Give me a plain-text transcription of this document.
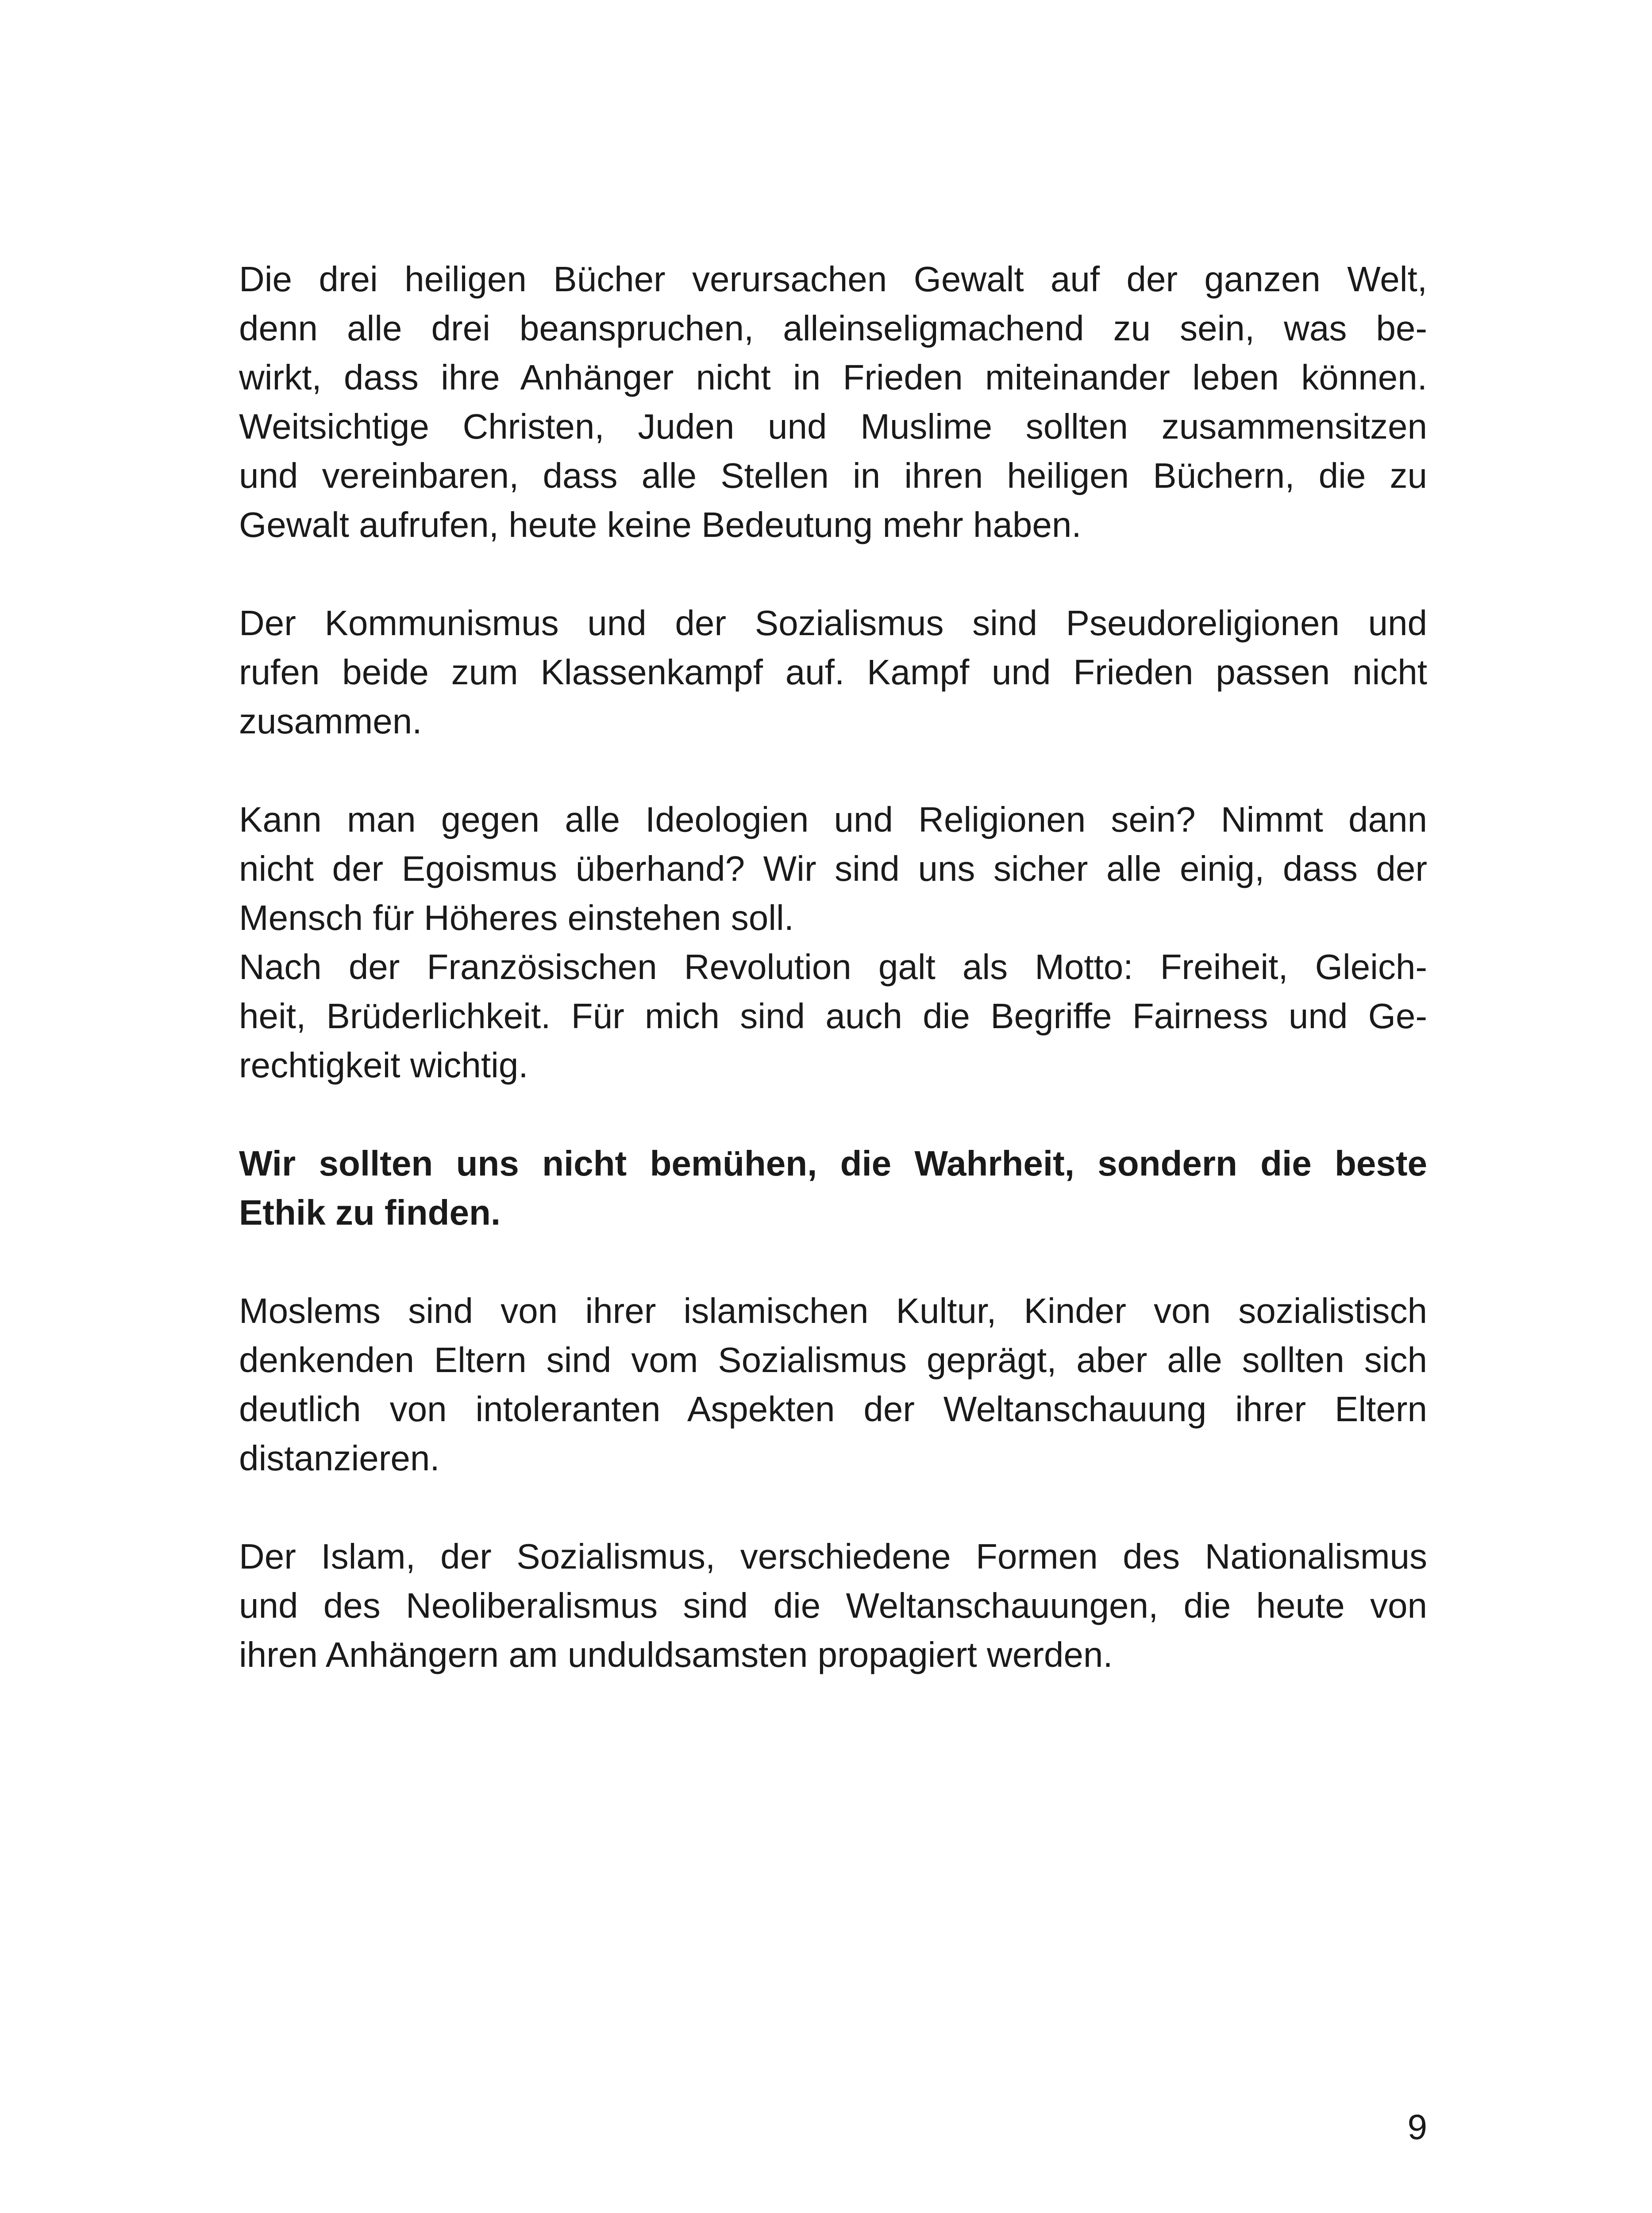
Die drei heiligen Bücher verursachen Gewalt auf der ganzen Welt,
denn alle drei beanspruchen, alleinseligmachend zu sein, was be-
wirkt, dass ihre Anhänger nicht in Frieden miteinander leben können.
Weitsichtige Christen, Juden und Muslime sollten zusammensitzen
und vereinbaren, dass alle Stellen in ihren heiligen Büchern, die zu
Gewalt aufrufen, heute keine Bedeutung mehr haben.
Der Kommunismus und der Sozialismus sind Pseudoreligionen und
rufen beide zum Klassenkampf auf. Kampf und Frieden passen nicht
zusammen.
Kann man gegen alle Ideologien und Religionen sein? Nimmt dann
nicht der Egoismus überhand? Wir sind uns sicher alle einig, dass der
Mensch für Höheres einstehen soll.
Nach der Französischen Revolution galt als Motto: Freiheit, Gleich-
heit, Brüderlichkeit. Für mich sind auch die Begriffe Fairness und Ge-
rechtigkeit wichtig.
Wir sollten uns nicht bemühen, die Wahrheit, sondern die beste
Ethik zu finden.
Moslems sind von ihrer islamischen Kultur, Kinder von sozialistisch
denkenden Eltern sind vom Sozialismus geprägt, aber alle sollten sich
deutlich von intoleranten Aspekten der Weltanschauung ihrer Eltern
distanzieren.
Der Islam, der Sozialismus, verschiedene Formen des Nationalismus
und des Neoliberalismus sind die Weltanschauungen, die heute von
ihren Anhängern am unduldsamsten propagiert werden.
9
